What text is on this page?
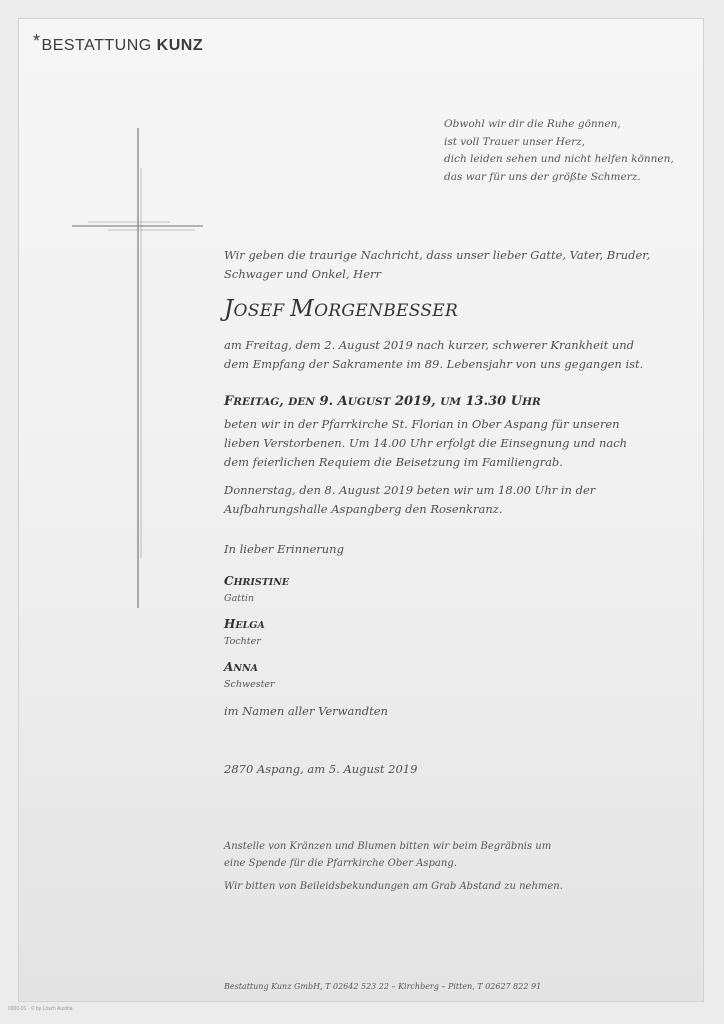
*BESTATTUNG KUNZ
Obwohl wir dir die Ruhe gönnen,
ist voll Trauer unser Herz,
dich leiden sehen und nicht helfen können,
das war für uns der größte Schmerz.
Wir geben die traurige Nachricht, dass unser lieber Gatte, Vater, Bruder,
Schwager und Onkel, Herr
JOSEF MORGENBESSER
am Freitag, dem 2. August 2019 nach kurzer, schwerer Krankheit und
dem Empfang der Sakramente im 89. Lebensjahr von uns gegangen ist.
FREITAG, DEN 9. AUGUST 2019, UM 13.30 UHR
beten wir in der Pfarrkirche St. Florian in Ober Aspang für unseren
lieben Verstorbenen. Um 14.00 Uhr erfolgt die Einsegnung und nach
dem feierlichen Requiem die Beisetzung im Familiengrab.
Donnerstag, den 8. August 2019 beten wir um 18.00 Uhr in der
Aufbahrungshalle Aspangberg den Rosenkranz.
In lieber Erinnerung
CHRISTINE
Gattin
HELGA
Tochter
ANNA
Schwester
im Namen aller Verwandten
2870 Aspang, am 5. August 2019
Anstelle von Kränzen und Blumen bitten wir beim Begräbnis um
eine Spende für die Pfarrkirche Ober Aspang.
Wir bitten von Beileidsbekundungen am Grab Abstand zu nehmen.
Bestattung Kunz GmbH, T 02642 523 22 – Kirchberg – Pitten, T 02627 822 91
0000-01 · © by Lösch Austria
